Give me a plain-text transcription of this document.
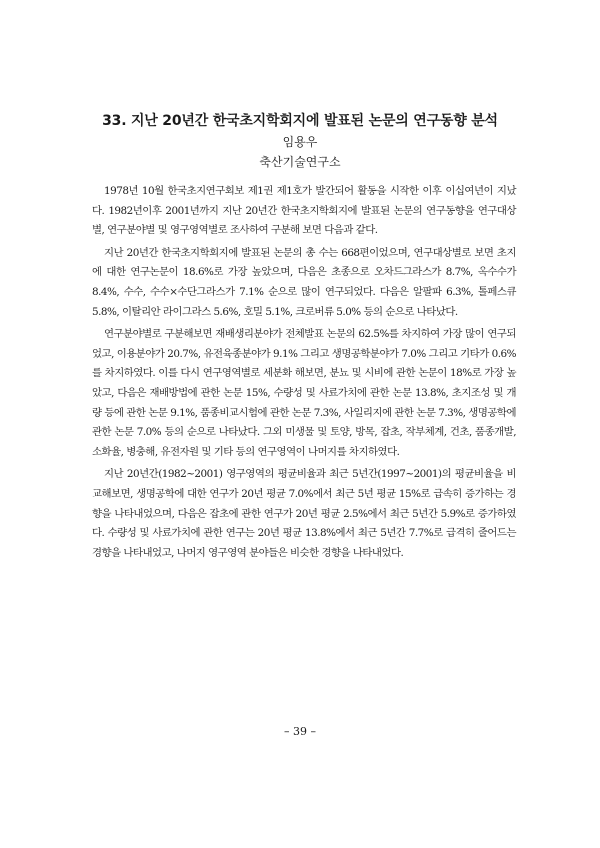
33. 지난 20년간 한국초지학회지에 발표된 논문의 연구동향 분석
임용우
축산기술연구소

1978년 10월 한국초지연구회보 제1권 제1호가 발간되어 활동을 시작한 이후 이십여년이 지났다. 1982년이후 2001년까지 지난 20년간 한국초지학회지에 발표된 논문의 연구동향을 연구대상별, 연구분야별 및 영구영역별로 조사하여 구분해 보면 다음과 같다.

지난 20년간 한국초지학회지에 발표된 논문의 총 수는 668편이었으며, 연구대상별로 보면 초지에 대한 연구논문이 18.6%로 가장 높았으며, 다음은 초종으로 오차드그라스가 8.7%, 옥수수가 8.4%, 수수, 수수×수단그라스가 7.1% 순으로 많이 연구되었다. 다음은 알팔파 6.3%, 톨페스큐 5.8%, 이탈리안 라이그라스 5.6%, 호밀 5.1%, 크로버류 5.0% 등의 순으로 나타났다.

연구분야별로 구분해보면 재배생리분야가 전체발표 논문의 62.5%를 차지하여 가장 많이 연구되었고, 이용분야가 20.7%, 유전육종분야가 9.1% 그리고 생명공학분야가 7.0% 그리고 기타가 0.6%를 차지하였다. 이를 다시 연구영역별로 세분화 해보면, 분뇨 및 시비에 관한 논문이 18%로 가장 높았고, 다음은 재배방법에 관한 논문 15%, 수량성 및 사료가치에 관한 논문 13.8%, 초지조성 및 개량 등에 관한 논문 9.1%, 품종비교시험에 관한 논문 7.3%, 사일리지에 관한 논문 7.3%, 생명공학에 관한 논문 7.0% 등의 순으로 나타났다. 그외 미생물 및 토양, 방목, 잡초, 작부체계, 건초, 품종개발, 소화율, 병충해, 유전자원 및 기타 등의 연구영역이 나머지를 차지하였다.

지난 20년간(1982~2001) 영구영역의 평균비율과 최근 5년간(1997~2001)의 평균비율을 비교해보면, 생명공학에 대한 연구가 20년 평균 7.0%에서 최근 5년 평균 15%로 급속히 증가하는 경향을 나타내었으며, 다음은 잡초에 관한 연구가 20년 평균 2.5%에서 최근 5년간 5.9%로 증가하였다. 수량성 및 사료가치에 관한 연구는 20년 평균 13.8%에서 최근 5년간 7.7%로 급격히 줄어드는 경향을 나타내었고, 나머지 영구영역 분야들은 비슷한 경향을 나타내었다.

– 39 –
